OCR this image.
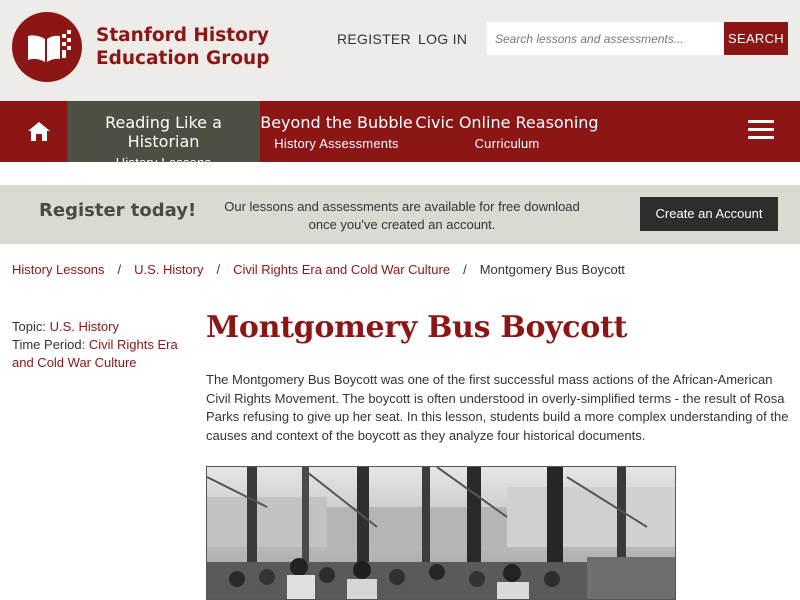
Stanford History
Education Group
REGISTER LOG IN
Search lessons and assessments...	SEARCH
Reading Like a Historian
History Lessons
Beyond the Bubble
History Assessments
Civic Online Reasoning
Curriculum
Register today!	Our lessons and assessments are available for free download
once you've created an account.
Create an Account
History Lessons / U.S. History / Civil Rights Era and Cold War Culture / Montgomery Bus Boycott
Topic: U.S. History
Time Period: Civil Rights Era
and Cold War Culture
Montgomery Bus Boycott

The Montgomery Bus Boycott was one of the first successful mass actions of the African-American Civil Rights Movement. The boycott is often understood in overly-simplified terms - the result of Rosa Parks refusing to give up her seat. In this lesson, students build a more complex understanding of the causes and context of the boycott as they analyze four historical documents.
